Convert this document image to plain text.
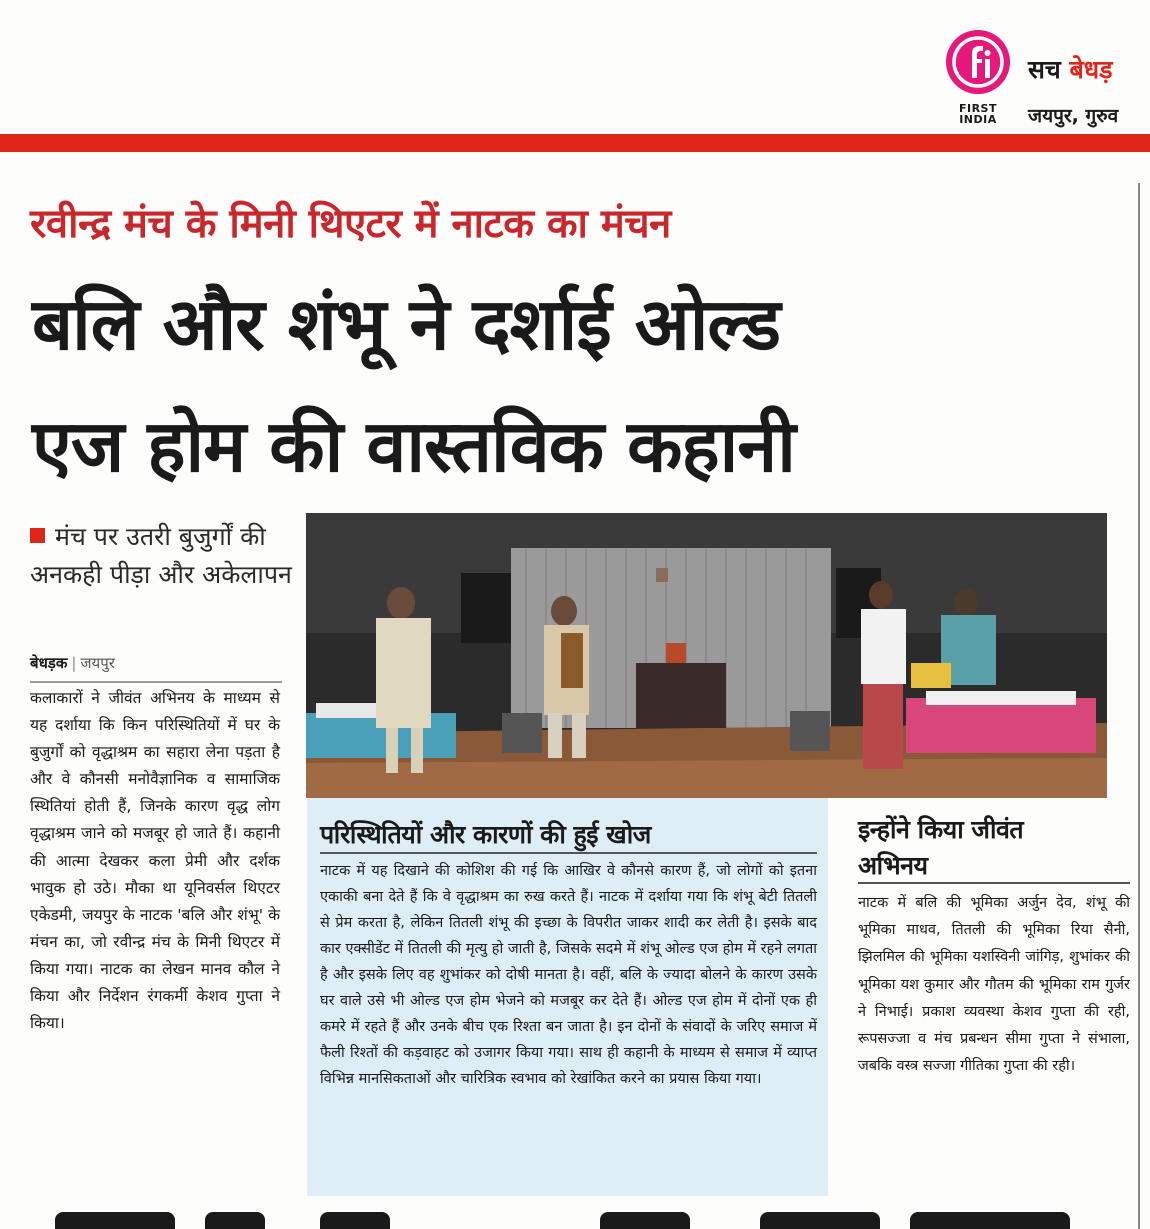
FIRST INDIA
सच बेधड़
जयपुर, गुरुव
रवीन्द्र मंच के मिनी थिएटर में नाटक का मंचन
बलि और शंभू ने दर्शाई ओल्ड
एज होम की वास्तविक कहानी
मंच पर उतरी बुजुर्गों की अनकही पीड़ा और अकेलापन
बेधड़क | जयपुर

कलाकारों ने जीवंत अभिनय के माध्यम से यह दर्शाया कि किन परिस्थितियों में घर के बुजुर्गों को वृद्धाश्रम का सहारा लेना पड़ता है और वे कौनसी मनोवैज्ञानिक व सामाजिक स्थितियां होती हैं, जिनके कारण वृद्ध लोग वृद्धाश्रम जाने को मजबूर हो जाते हैं। कहानी की आत्मा देखकर कला प्रेमी और दर्शक भावुक हो उठे। मौका था यूनिवर्सल थिएटर एकेडमी, जयपुर के नाटक 'बलि और शंभू' के मंचन का, जो रवीन्द्र मंच के मिनी थिएटर में किया गया। नाटक का लेखन मानव कौल ने किया और निर्देशन रंगकर्मी केशव गुप्ता ने किया।

परिस्थितियों और कारणों की हुई खोज

नाटक में यह दिखाने की कोशिश की गई कि आखिर वे कौनसे कारण हैं, जो लोगों को इतना एकाकी बना देते हैं कि वे वृद्धाश्रम का रुख करते हैं। नाटक में दर्शाया गया कि शंभू बेटी तितली से प्रेम करता है, लेकिन तितली शंभू की इच्छा के विपरीत जाकर शादी कर लेती है। इसके बाद कार एक्सीडेंट में तितली की मृत्यु हो जाती है, जिसके सदमे में शंभू ओल्ड एज होम में रहने लगता है और इसके लिए वह शुभांकर को दोषी मानता है। वहीं, बलि के ज्यादा बोलने के कारण उसके घर वाले उसे भी ओल्ड एज होम भेजने को मजबूर कर देते हैं। ओल्ड एज होम में दोनों एक ही कमरे में रहते हैं और उनके बीच एक रिश्ता बन जाता है। इन दोनों के संवादों के जरिए समाज में फैली रिश्तों की कड़वाहट को उजागर किया गया। साथ ही कहानी के माध्यम से समाज में व्याप्त विभिन्न मानसिकताओं और चारित्रिक स्वभाव को रेखांकित करने का प्रयास किया गया।

इन्होंने किया जीवंत अभिनय

नाटक में बलि की भूमिका अर्जुन देव, शंभू की भूमिका माधव, तितली की भूमिका रिया सैनी, झिलमिल की भूमिका यशस्विनी जांगिड़, शुभांकर की भूमिका यश कुमार और गौतम की भूमिका राम गुर्जर ने निभाई। प्रकाश व्यवस्था केशव गुप्ता की रही, रूपसज्जा व मंच प्रबन्धन सीमा गुप्ता ने संभाला, जबकि वस्त्र सज्जा गीतिका गुप्ता की रही।
